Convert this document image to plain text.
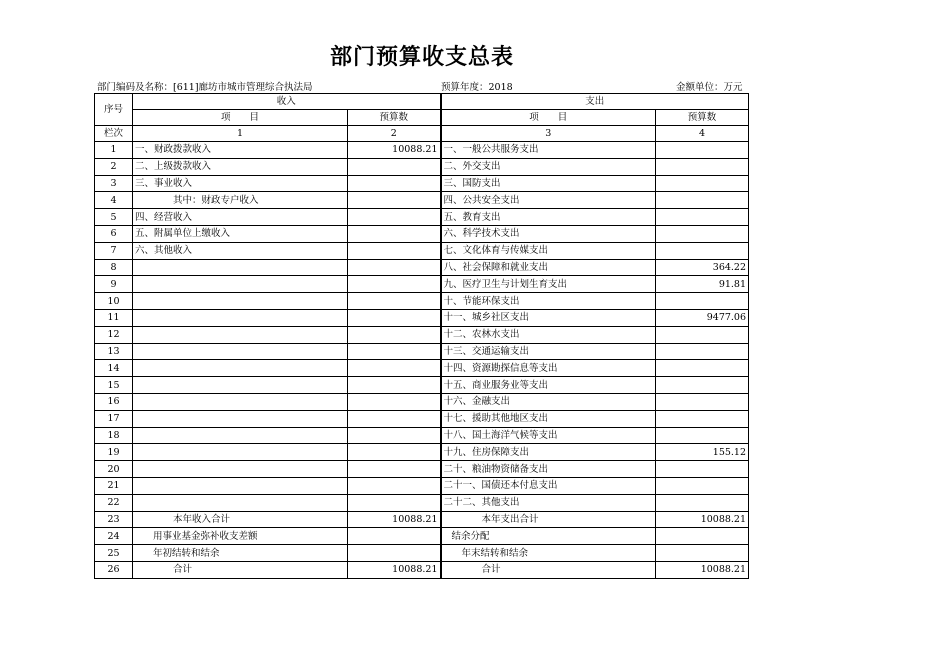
部门预算收支总表
部门编码及名称：[611]廊坊市城市管理综合执法局	预算年度：2018	金额单位：万元
序号	收入		支出	
	项　　目	预算数	项　　目	预算数
栏次	1	2	3	4
1	一、财政拨款收入	10088.21	一、一般公共服务支出	
2	二、上级拨款收入		二、外交支出	
3	三、事业收入		三、国防支出	
4	其中：财政专户收入		四、公共安全支出	
5	四、经营收入		五、教育支出	
6	五、附属单位上缴收入		六、科学技术支出	
7	六、其他收入		七、文化体育与传媒支出	
8			八、社会保障和就业支出	364.22
9			九、医疗卫生与计划生育支出	91.81
10			十、节能环保支出	
11			十一、城乡社区支出	9477.06
12			十二、农林水支出	
13			十三、交通运输支出	
14			十四、资源勘探信息等支出	
15			十五、商业服务业等支出	
16			十六、金融支出	
17			十七、援助其他地区支出	
18			十八、国土海洋气候等支出	
19			十九、住房保障支出	155.12
20			二十、粮油物资储备支出	
21			二十一、国债还本付息支出	
22			二十二、其他支出	
23	本年收入合计	10088.21	本年支出合计	10088.21
24	用事业基金弥补收支差额		结余分配	
25	年初结转和结余		年末结转和结余	
26	合计	10088.21	合计	10088.21
